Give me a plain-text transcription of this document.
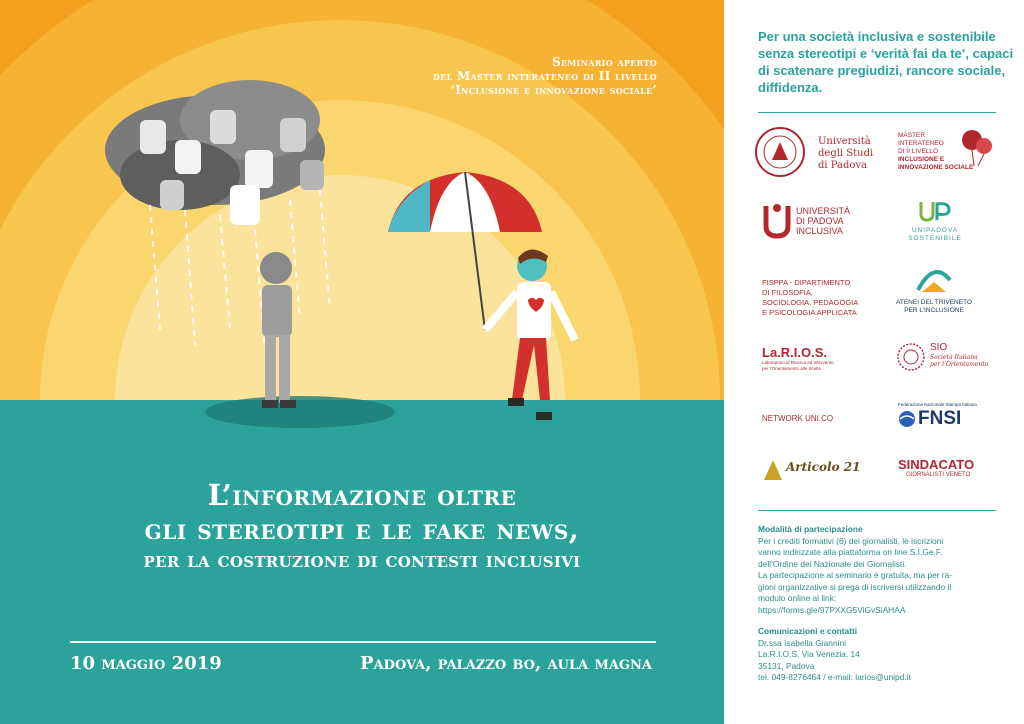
Seminario aperto
del Master interateneo di II livello
‘Inclusione e innovazione sociale’
L’informazione oltre
gli stereotipi e le fake news,
per la costruzione di contesti inclusivi
10 maggio 2019	Padova, palazzo bo, aula magna
Per una società inclusiva e sostenibile senza stereotipi e ‘verità fai da te’, capaci di scatenare pregiudizi, rancore sociale, diffidenza.
Università
degli Studi
di Padova
MASTER
INTERATENEO
DI II LIVELLO
INCLUSIONE E
INNOVAZIONE SOCIALE
UNIVERSITÀ
DI PADOVA
INCLUSIVA	UNIPADOVA
SOSTENIBILE
FISPPA - DIPARTIMENTO
DI FILOSOFIA,
SOCIOLOGIA, PEDAGOGIA
E PSICOLOGIA APPLICATA
ATENEI DEL TRIVENETO
PER L’INCLUSIONE
La.R.I.O.S.
Laboratorio di Ricerca ed Intervento
per l’Orientamento alle Scelte
SIO
Società Italiana
per l’Orientamento
NETWORK UNI.CO
Federazione Nazionale Stampa Italiana
FNSI
Articolo 21	SINDACATO
GIORNALISTI VENETO
Modalità di partecipazione
Per i crediti formativi (6) dei giornalisti, le iscrizioni
vanno indirizzate alla piattaforma on line S.I.Ge.F.
dell’Ordine dei Nazionale dei Giornalisti.
La partecipazione al seminario è gratuita, ma per ra-
gioni organizzative si prega di iscriversi utilizzando il
modulo online al link:
https://forms.gle/97PXXG5ViGvSiAHAA
Comunicazioni e contatti
Dr.ssa Isabella Giannini
La.R.I.O.S. Via Venezia, 14
35131, Padova
tel. 049-8276464 / e-mail: larios@unipd.it
